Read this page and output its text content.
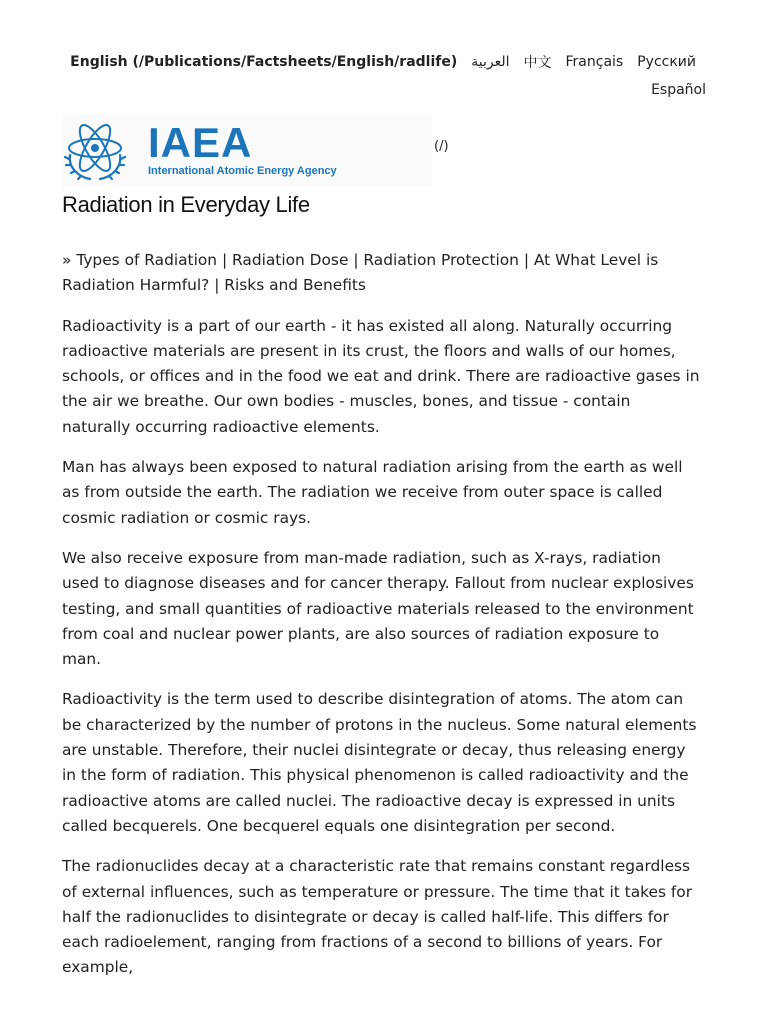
English (/Publications/Factsheets/English/radlife) العربية 中文 Français Русский
Español
IAEA
International Atomic Energy Agency
(/)
Radiation in Everyday Life

» Types of Radiation | Radiation Dose | Radiation Protection | At What Level is Radiation Harmful? | Risks and Benefits

Radioactivity is a part of our earth - it has existed all along. Naturally occurring radioactive materials are present in its crust, the floors and walls of our homes, schools, or offices and in the food we eat and drink. There are radioactive gases in the air we breathe. Our own bodies - muscles, bones, and tissue - contain naturally occurring radioactive elements.

Man has always been exposed to natural radiation arising from the earth as well as from outside the earth. The radiation we receive from outer space is called cosmic radiation or cosmic rays.

We also receive exposure from man-made radiation, such as X-rays, radiation used to diagnose diseases and for cancer therapy. Fallout from nuclear explosives testing, and small quantities of radioactive materials released to the environment from coal and nuclear power plants, are also sources of radiation exposure to man.

Radioactivity is the term used to describe disintegration of atoms. The atom can be characterized by the number of protons in the nucleus. Some natural elements are unstable. Therefore, their nuclei disintegrate or decay, thus releasing energy in the form of radiation. This physical phenomenon is called radioactivity and the radioactive atoms are called nuclei. The radioactive decay is expressed in units called becquerels. One becquerel equals one disintegration per second.

The radionuclides decay at a characteristic rate that remains constant regardless of external influences, such as temperature or pressure. The time that it takes for half the radionuclides to disintegrate or decay is called half-life. This differs for each radioelement, ranging from fractions of a second to billions of years. For example,
